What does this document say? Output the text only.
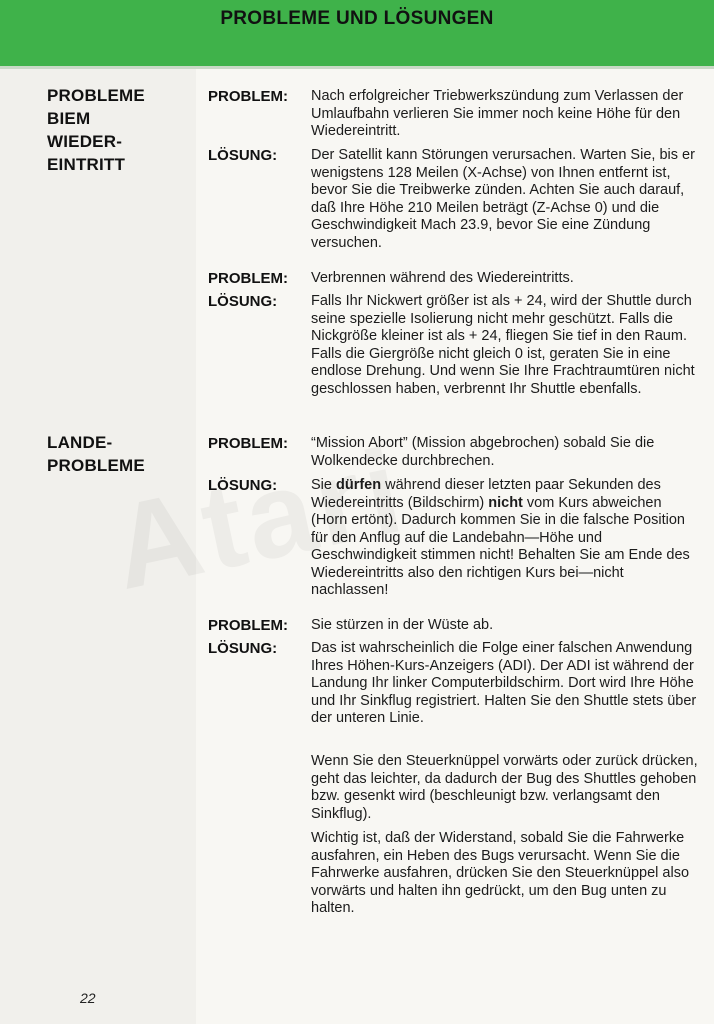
PROBLEME UND LÖSUNGEN
PROBLEME
BIEM
WIEDER-
EINTRITT
PROBLEM: Nach erfolgreicher Triebwerkszündung zum Verlassen der Umlaufbahn verlieren Sie immer noch keine Höhe für den Wiedereintritt.

LÖSUNG: Der Satellit kann Störungen verursachen. Warten Sie, bis er wenigstens 128 Meilen (X-Achse) von Ihnen entfernt ist, bevor Sie die Treibwerke zünden. Achten Sie auch darauf, daß Ihre Höhe 210 Meilen beträgt (Z-Achse 0) und die Geschwindigkeit Mach 23.9, bevor Sie eine Zündung versuchen.

PROBLEM: Verbrennen während des Wiedereintritts.

LÖSUNG: Falls Ihr Nickwert größer ist als + 24, wird der Shuttle durch seine spezielle Isolierung nicht mehr geschützt. Falls die Nickgröße kleiner ist als + 24, fliegen Sie tief in den Raum. Falls die Giergröße nicht gleich 0 ist, geraten Sie in eine endlose Drehung. Und wenn Sie Ihre Frachtraumtüren nicht geschlossen haben, verbrennt Ihr Shuttle ebenfalls.

LANDE-
PROBLEME
PROBLEM: “Mission Abort” (Mission abgebrochen) sobald Sie die Wolkendecke durchbrechen.

LÖSUNG: Sie dürfen während dieser letzten paar Sekunden des Wiedereintritts (Bildschirm) nicht vom Kurs abweichen (Horn ertönt). Dadurch kommen Sie in die falsche Position für den Anflug auf die Landebahn—Höhe und Geschwindigkeit stimmen nicht! Behalten Sie am Ende des Wiedereintritts also den richtigen Kurs bei—nicht nachlassen!

PROBLEM: Sie stürzen in der Wüste ab.

LÖSUNG: Das ist wahrscheinlich die Folge einer falschen Anwendung Ihres Höhen-Kurs-Anzeigers (ADI). Der ADI ist während der Landung Ihr linker Computerbildschirm. Dort wird Ihre Höhe und Ihr Sinkflug registriert. Halten Sie den Shuttle stets über der unteren Linie.

Wenn Sie den Steuerknüppel vorwärts oder zurück drücken, geht das leichter, da dadurch der Bug des Shuttles gehoben bzw. gesenkt wird (beschleunigt bzw. verlangsamt den Sinkflug).

Wichtig ist, daß der Widerstand, sobald Sie die Fahrwerke ausfahren, ein Heben des Bugs verursacht. Wenn Sie die Fahrwerke ausfahren, drücken Sie den Steuerknüppel also vorwärts und halten ihn gedrückt, um den Bug unten zu halten.

22
